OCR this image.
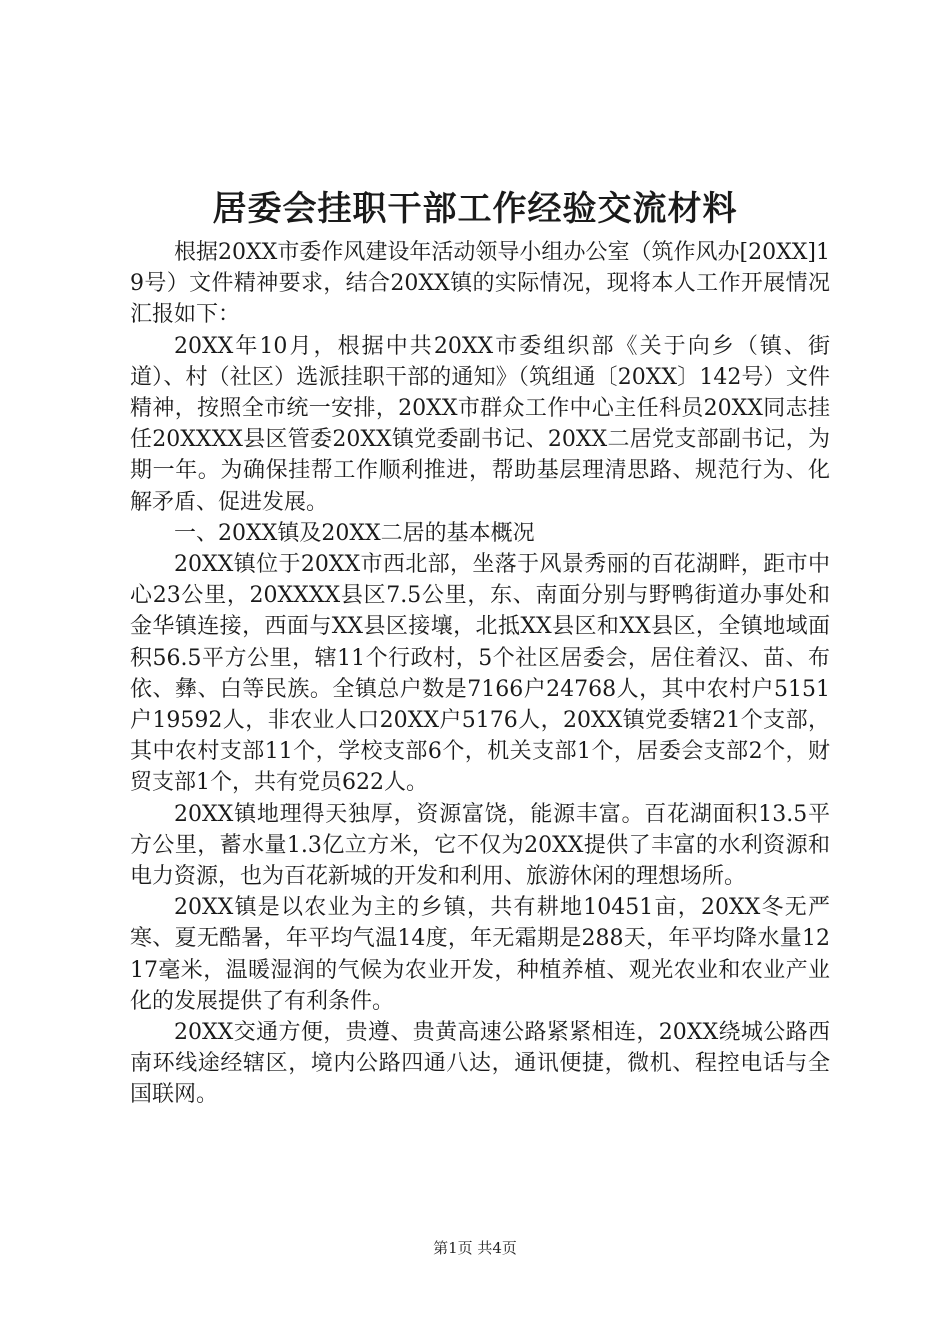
居委会挂职干部工作经验交流材料

根据20XX市委作风建设年活动领导小组办公室（筑作风办[20XX]19号）文件精神要求，结合20XX镇的实际情况，现将本人工作开展情况汇报如下：

20XX年10月，根据中共20XX市委组织部《关于向乡（镇、街道）、村（社区）选派挂职干部的通知》（筑组通〔20XX〕142号）文件精神，按照全市统一安排，20XX市群众工作中心主任科员20XX同志挂任20XXXX县区管委20XX镇党委副书记、20XX二居党支部副书记，为期一年。为确保挂帮工作顺利推进，帮助基层理清思路、规范行为、化解矛盾、促进发展。

一、20XX镇及20XX二居的基本概况

20XX镇位于20XX市西北部，坐落于风景秀丽的百花湖畔，距市中心23公里，20XXXX县区7.5公里，东、南面分别与野鸭街道办事处和金华镇连接，西面与XX县区接壤，北抵XX县区和XX县区，全镇地域面积56.5平方公里，辖11个行政村，5个社区居委会，居住着汉、苗、布依、彝、白等民族。全镇总户数是7166户24768人，其中农村户5151户19592人，非农业人口20XX户5176人，20XX镇党委辖21个支部，其中农村支部11个，学校支部6个，机关支部1个，居委会支部2个，财贸支部1个，共有党员622人。

20XX镇地理得天独厚，资源富饶，能源丰富。百花湖面积13.5平方公里，蓄水量1.3亿立方米，它不仅为20XX提供了丰富的水利资源和电力资源，也为百花新城的开发和利用、旅游休闲的理想场所。

20XX镇是以农业为主的乡镇，共有耕地10451亩，20XX冬无严寒、夏无酷暑，年平均气温14度，年无霜期是288天，年平均降水量1217毫米，温暖湿润的气候为农业开发，种植养植、观光农业和农业产业化的发展提供了有利条件。

20XX交通方便，贵遵、贵黄高速公路紧紧相连，20XX绕城公路西南环线途经辖区，境内公路四通八达，通讯便捷，微机、程控电话与全国联网。

第1页 共4页
